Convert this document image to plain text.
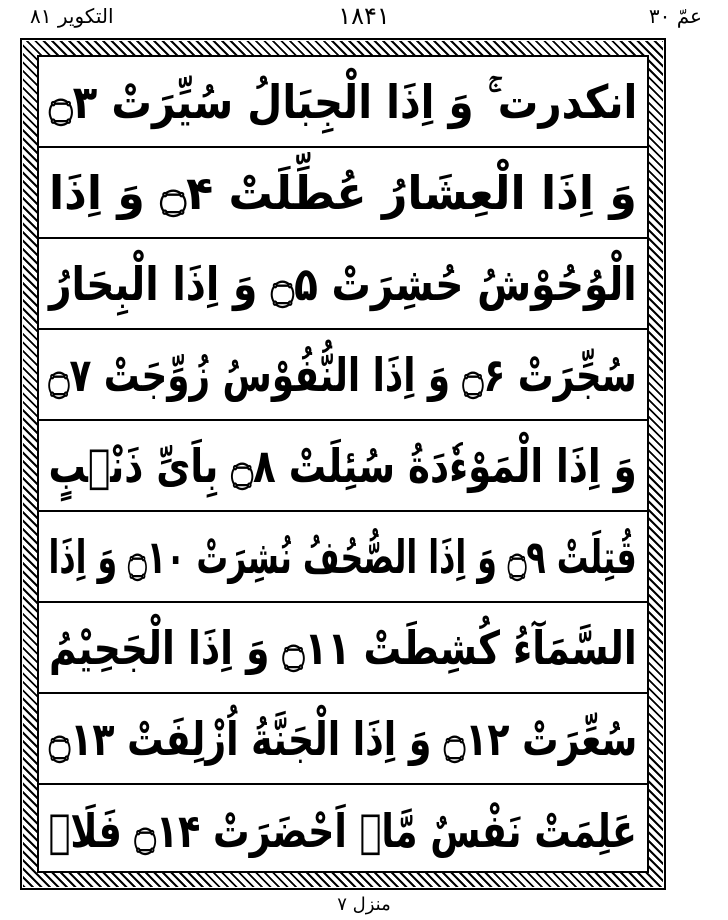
التکویر ۸۱	۱۸۴۱	عمّ ۳۰
انکدرت ۚ وَ اِذَا الْجِبَالُ سُیِّرَتْ ۝۳
وَ اِذَا الْعِشَارُ عُطِّلَتْ ۝۴ وَ اِذَا
الْوُحُوْشُ حُشِرَتْ ۝۵ وَ اِذَا الْبِحَارُ
سُجِّرَتْ ۝۶ وَ اِذَا النُّفُوْسُ زُوِّجَتْ ۝۷
وَ اِذَا الْمَوْءٗدَةُ سُئِلَتْ ۝۸ بِاَیِّ ذَنْۢبٍ
قُتِلَتْ ۝۹ وَ اِذَا الصُّحُفُ نُشِرَتْ ۝۱۰ وَ اِذَا
السَّمَآءُ كُشِطَتْ ۝۱۱ وَ اِذَا الْجَحِیْمُ
سُعِّرَتْ ۝۱۲ وَ اِذَا الْجَنَّةُ اُزْلِفَتْ ۝۱۳
عَلِمَتْ نَفْسٌ مَّاۤ اَحْضَرَتْ ۝۱۴ فَلَاۤ
منزل ۷
